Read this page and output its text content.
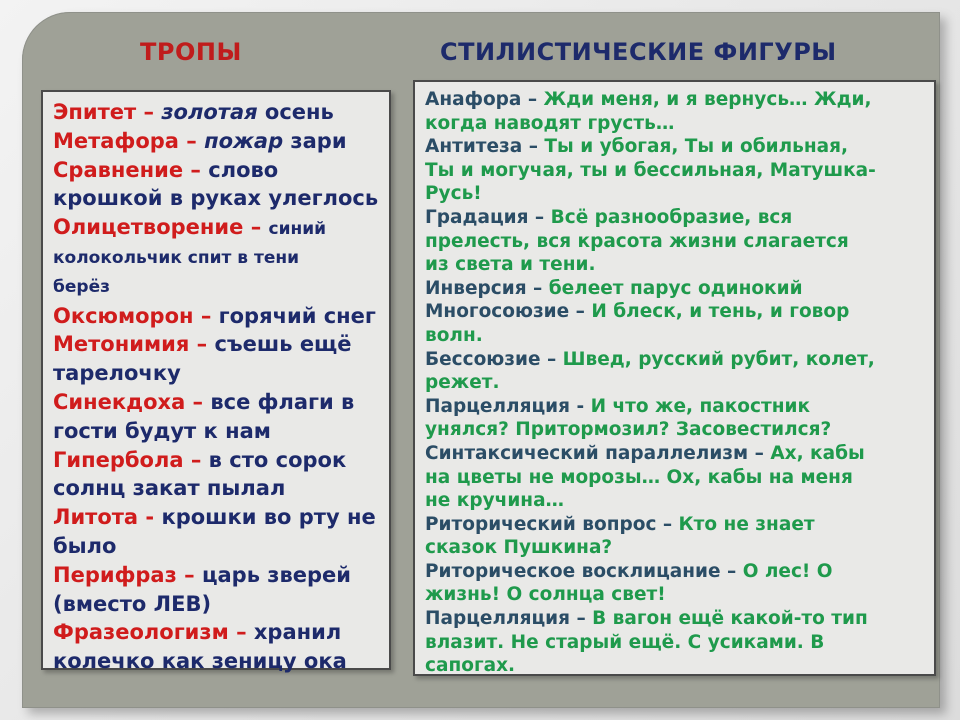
ТРОПЫ	СТИЛИСТИЧЕСКИЕ ФИГУРЫ
Эпитет – золотая осень
Метафора – пожар зари
Сравнение – слово
крошкой в руках улеглось
Олицетворение – синий
колокольчик спит в тени
берёз
Оксюморон – горячий снег
Метонимия – съешь ещё
тарелочку
Синекдоха – все флаги в
гости будут к нам
Гипербола – в сто сорок
солнц закат пылал
Литота - крошки во рту не
было
Перифраз – царь зверей
(вместо ЛЕВ)
Фразеологизм – хранил
колечко как зеницу ока
Анафора – Жди меня, и я вернусь… Жди,
когда наводят грусть…
Антитеза – Ты и убогая, Ты и обильная,
Ты и могучая, ты и бессильная, Матушка-
Русь!
Градация – Всё разнообразие, вся
прелесть, вся красота жизни слагается
из света и тени.
Инверсия – белеет парус одинокий
Многосоюзие – И блеск, и тень, и говор
волн.
Бессоюзие – Швед, русский рубит, колет,
режет.
Парцелляция - И что же, пакостник
унялся? Притормозил? Засовестился?
Синтаксический параллелизм – Ах, кабы
на цветы не морозы… Ох, кабы на меня
не кручина…
Риторический вопрос – Кто не знает
сказок Пушкина?
Риторическое восклицание – О лес! О
жизнь! О солнца свет!
Парцелляция – В вагон ещё какой-то тип
влазит. Не старый ещё. С усиками. В
сапогах.
